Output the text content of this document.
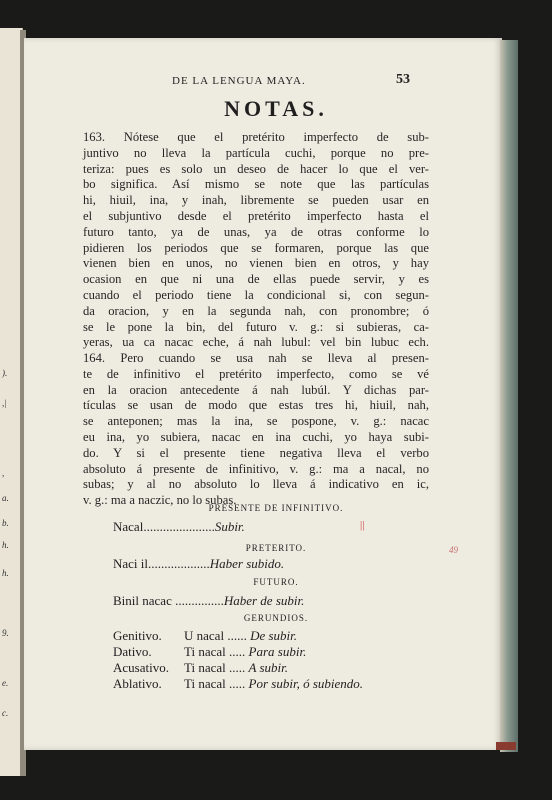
).
,|
,
a.
b.
h.
h.
9.
e.
c.
DE LA LENGUA MAYA.	53
NOTAS.
163. Nótese que el pretérito imperfecto de sub-
juntivo no lleva la partícula cuchi, porque no pre-
teriza: pues es solo un deseo de hacer lo que el ver-
bo significa. Así mismo se note que las partículas
hi, hiuil, ina, y inah, libremente se pueden usar en
el subjuntivo desde el pretérito imperfecto hasta el
futuro tanto, ya de unas, ya de otras conforme lo
pidieren los periodos que se formaren, porque las que
vienen bien en unos, no vienen bien en otros, y hay
ocasion en que ni una de ellas puede servir, y es
cuando el periodo tiene la condicional si, con segun-
da oracion, y en la segunda nah, con pronombre; ó
se le pone la bin, del futuro v. g.: si subieras, ca-
yeras, ua ca nacac eche, á nah lubul: vel bin lubuc ech.
164. Pero cuando se usa nah se lleva al presen-
te de infinitivo el pretérito imperfecto, como se vé
en la oracion antecedente á nah lubúl. Y dichas par-
tículas se usan de modo que estas tres hi, hiuil, nah,
se anteponen; mas la ina, se pospone, v. g.: nacac
eu ina, yo subiera, nacac en ina cuchi, yo haya subi-
do. Y si el presente tiene negativa lleva el verbo
absoluto á presente de infinitivo, v. g.: ma a nacal, no
subas; y al no absoluto lo lleva á indicativo en ic,
v. g.: ma a naczic, no lo subas.
PRESENTE DE INFINITIVO.
Nacal......................Subir.	||
49
PRETERITO.
Naci il...................Haber subido.
FUTURO.
Binil nacac ...............Haber de subir.
GERUNDIOS.
Genitivo. U nacal ...... De subir.
Dativo. Ti nacal ..... Para subir.
Acusativo. Ti nacal ..... A subir.
Ablativo. Ti nacal ..... Por subir, ó subiendo.
